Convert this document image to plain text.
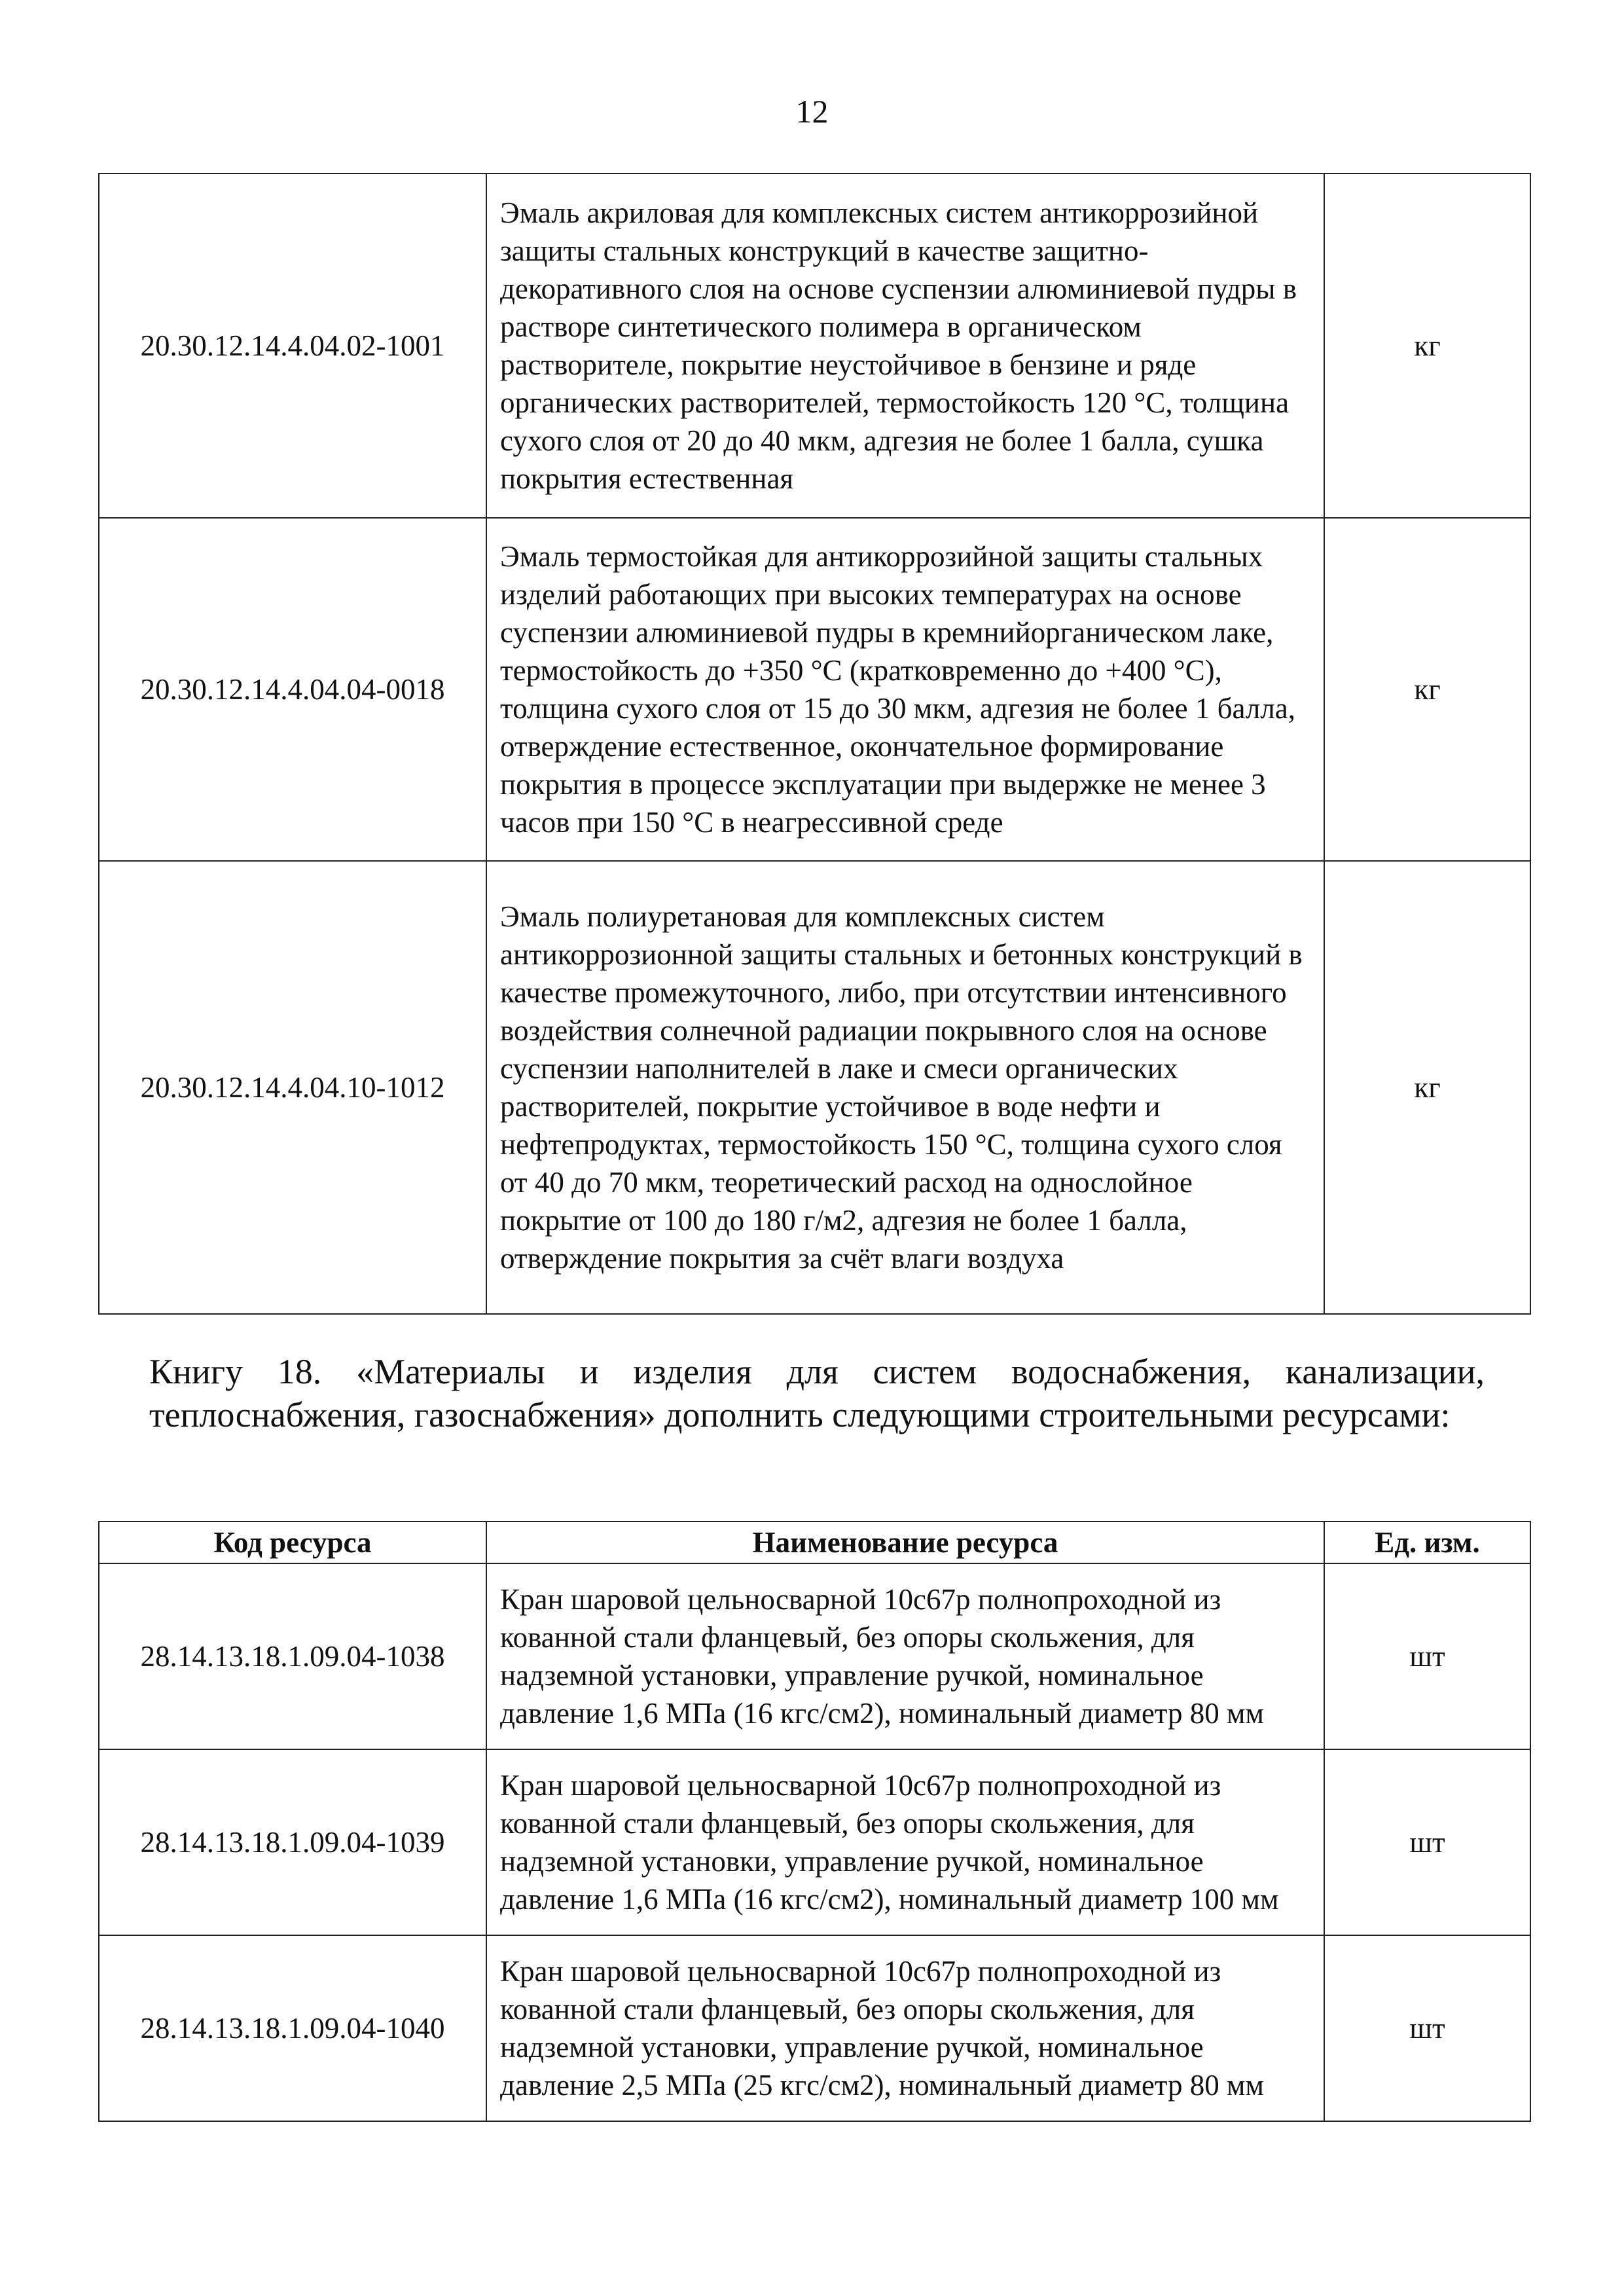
12
20.30.12.14.4.04.02-1001	Эмаль акриловая для комплексных систем антикоррозийной защиты стальных конструкций в качестве защитно-декоративного слоя на основе суспензии алюминиевой пудры в растворе синтетического полимера в органическом растворителе, покрытие неустойчивое в бензине и ряде органических растворителей, термостойкость 120 °С, толщина сухого слоя от 20 до 40 мкм, адгезия не более 1 балла, сушка покрытия естественная	кг
20.30.12.14.4.04.04-0018	Эмаль термостойкая для антикоррозийной защиты стальных изделий работающих при высоких температурах на основе суспензии алюминиевой пудры в кремнийорганическом лаке, термостойкость до +350 °С (кратковременно до +400 °С), толщина сухого слоя от 15 до 30 мкм, адгезия не более 1 балла, отверждение естественное, окончательное формирование покрытия в процессе эксплуатации при выдержке не менее 3 часов при 150 °С в неагрессивной среде	кг
20.30.12.14.4.04.10-1012	Эмаль полиуретановая для комплексных систем антикоррозионной защиты стальных и бетонных конструкций в качестве промежуточного, либо, при отсутствии интенсивного воздействия солнечной радиации покрывного слоя на основе суспензии наполнителей в лаке и смеси органических растворителей, покрытие устойчивое в воде нефти и нефтепродуктах, термостойкость 150 °С, толщина сухого слоя от 40 до 70 мкм, теоретический расход на однослойное покрытие от 100 до 180 г/м2, адгезия не более 1 балла, отверждение покрытия за счёт влаги воздуха	кг
Книгу 18. «Материалы и изделия для систем водоснабжения, канализации, теплоснабжения, газоснабжения» дополнить следующими строительными ресурсами:
Код ресурса	Наименование ресурса	Ед. изм.
28.14.13.18.1.09.04-1038	Кран шаровой цельносварной 10с67р полнопроходной из кованной стали фланцевый, без опоры скольжения, для надземной установки, управление ручкой, номинальное давление 1,6 МПа (16 кгс/см2), номинальный диаметр 80 мм	шт
28.14.13.18.1.09.04-1039	Кран шаровой цельносварной 10с67р полнопроходной из кованной стали фланцевый, без опоры скольжения, для надземной установки, управление ручкой, номинальное давление 1,6 МПа (16 кгс/см2), номинальный диаметр 100 мм	шт
28.14.13.18.1.09.04-1040	Кран шаровой цельносварной 10с67р полнопроходной из кованной стали фланцевый, без опоры скольжения, для надземной установки, управление ручкой, номинальное давление 2,5 МПа (25 кгс/см2), номинальный диаметр 80 мм	шт
